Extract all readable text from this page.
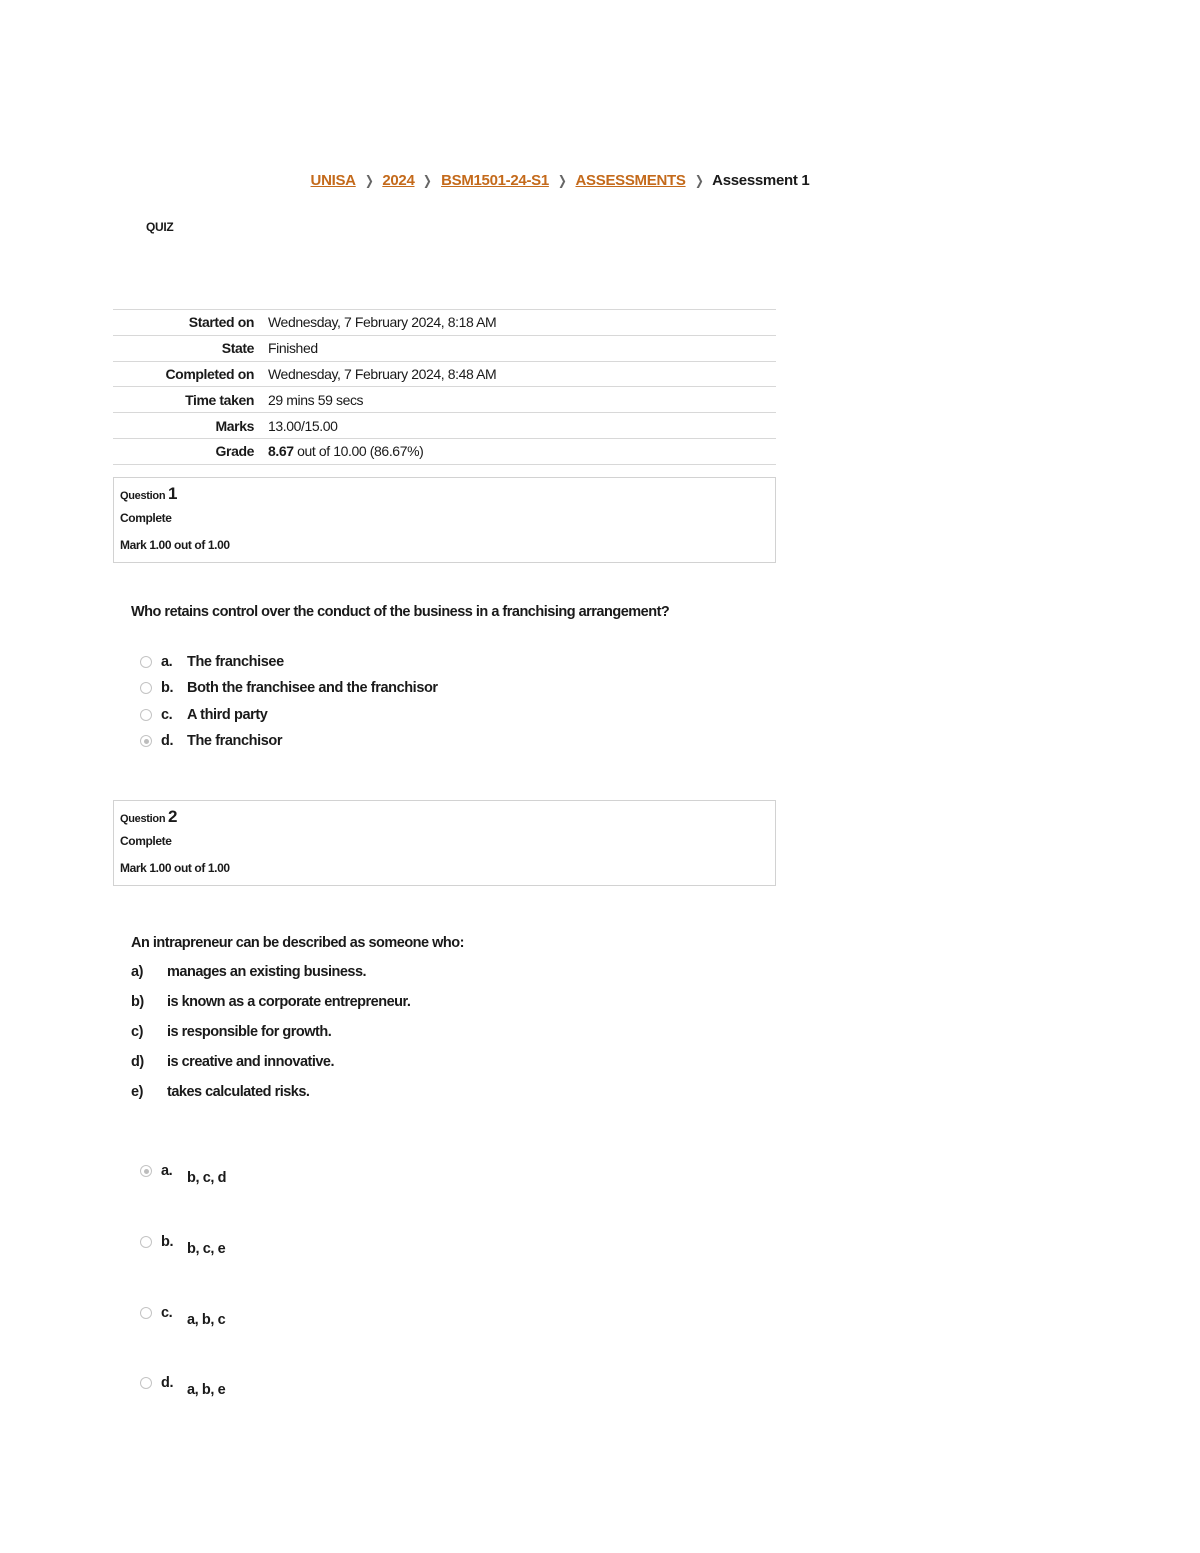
UNISA ❯ 2024 ❯ BSM1501-24-S1 ❯ ASSESSMENTS ❯ Assessment 1
QUIZ
Started on	Wednesday, 7 February 2024, 8:18 AM
State	Finished
Completed on	Wednesday, 7 February 2024, 8:48 AM
Time taken	29 mins 59 secs
Marks	13.00/15.00
Grade	8.67 out of 10.00 (86.67%)
Question 1
Complete
Mark 1.00 out of 1.00
Who retains control over the conduct of the business in a franchising arrangement?
a.	The franchisee
b. Both the franchisee and the franchisor
c.	A third party
d. The franchisor
Question 2
Complete
Mark 1.00 out of 1.00
An intrapreneur can be described as someone who:
a)	manages an existing business.
b)	is known as a corporate entrepreneur.
c)	is responsible for growth.
d)	is creative and innovative.
e)	takes calculated risks.
a.	b, c, d
b. b, c, e
c.	a, b, c
d. a, b, e
